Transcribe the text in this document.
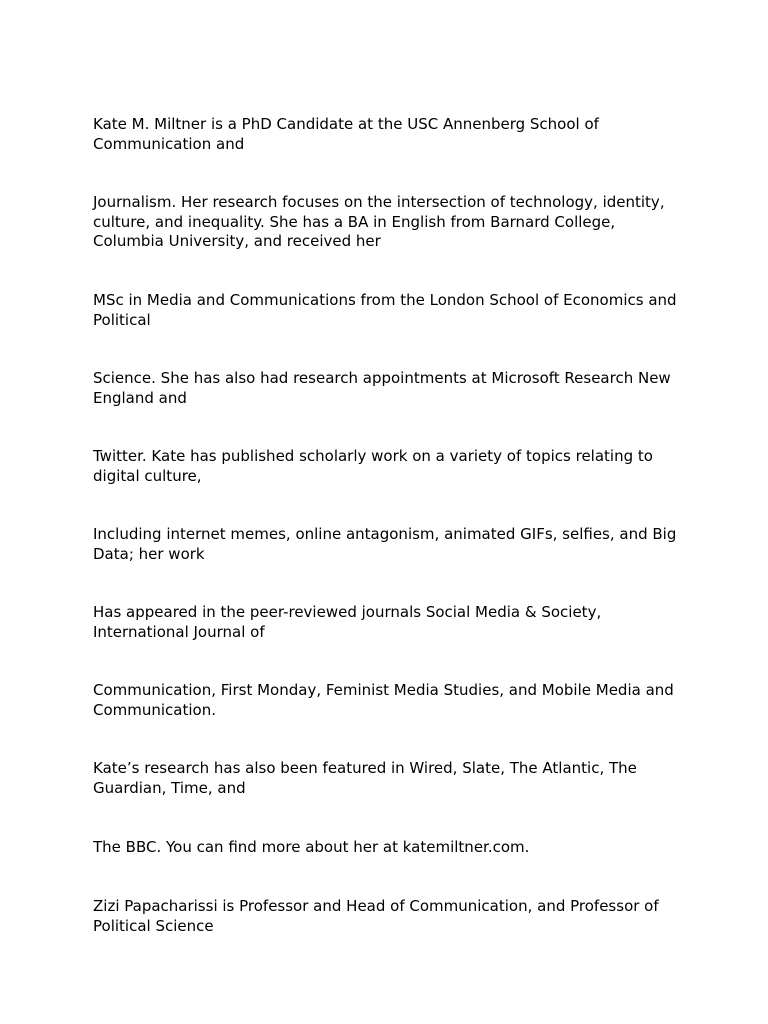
Kate M. Miltner is a PhD Candidate at the USC Annenberg School of Communication and

Journalism. Her research focuses on the intersection of technology, identity, culture, and inequality. She has a BA in English from Barnard College, Columbia University, and received her

MSc in Media and Communications from the London School of Economics and Political

Science. She has also had research appointments at Microsoft Research New England and

Twitter. Kate has published scholarly work on a variety of topics relating to digital culture,

Including internet memes, online antagonism, animated GIFs, selfies, and Big Data; her work

Has appeared in the peer-reviewed journals Social Media & Society, International Journal of

Communication, First Monday, Feminist Media Studies, and Mobile Media and Communication.

Kate’s research has also been featured in Wired, Slate, The Atlantic, The Guardian, Time, and

The BBC. You can find more about her at katemiltner.com.

Zizi Papacharissi is Professor and Head of Communication, and Professor of Political Science
